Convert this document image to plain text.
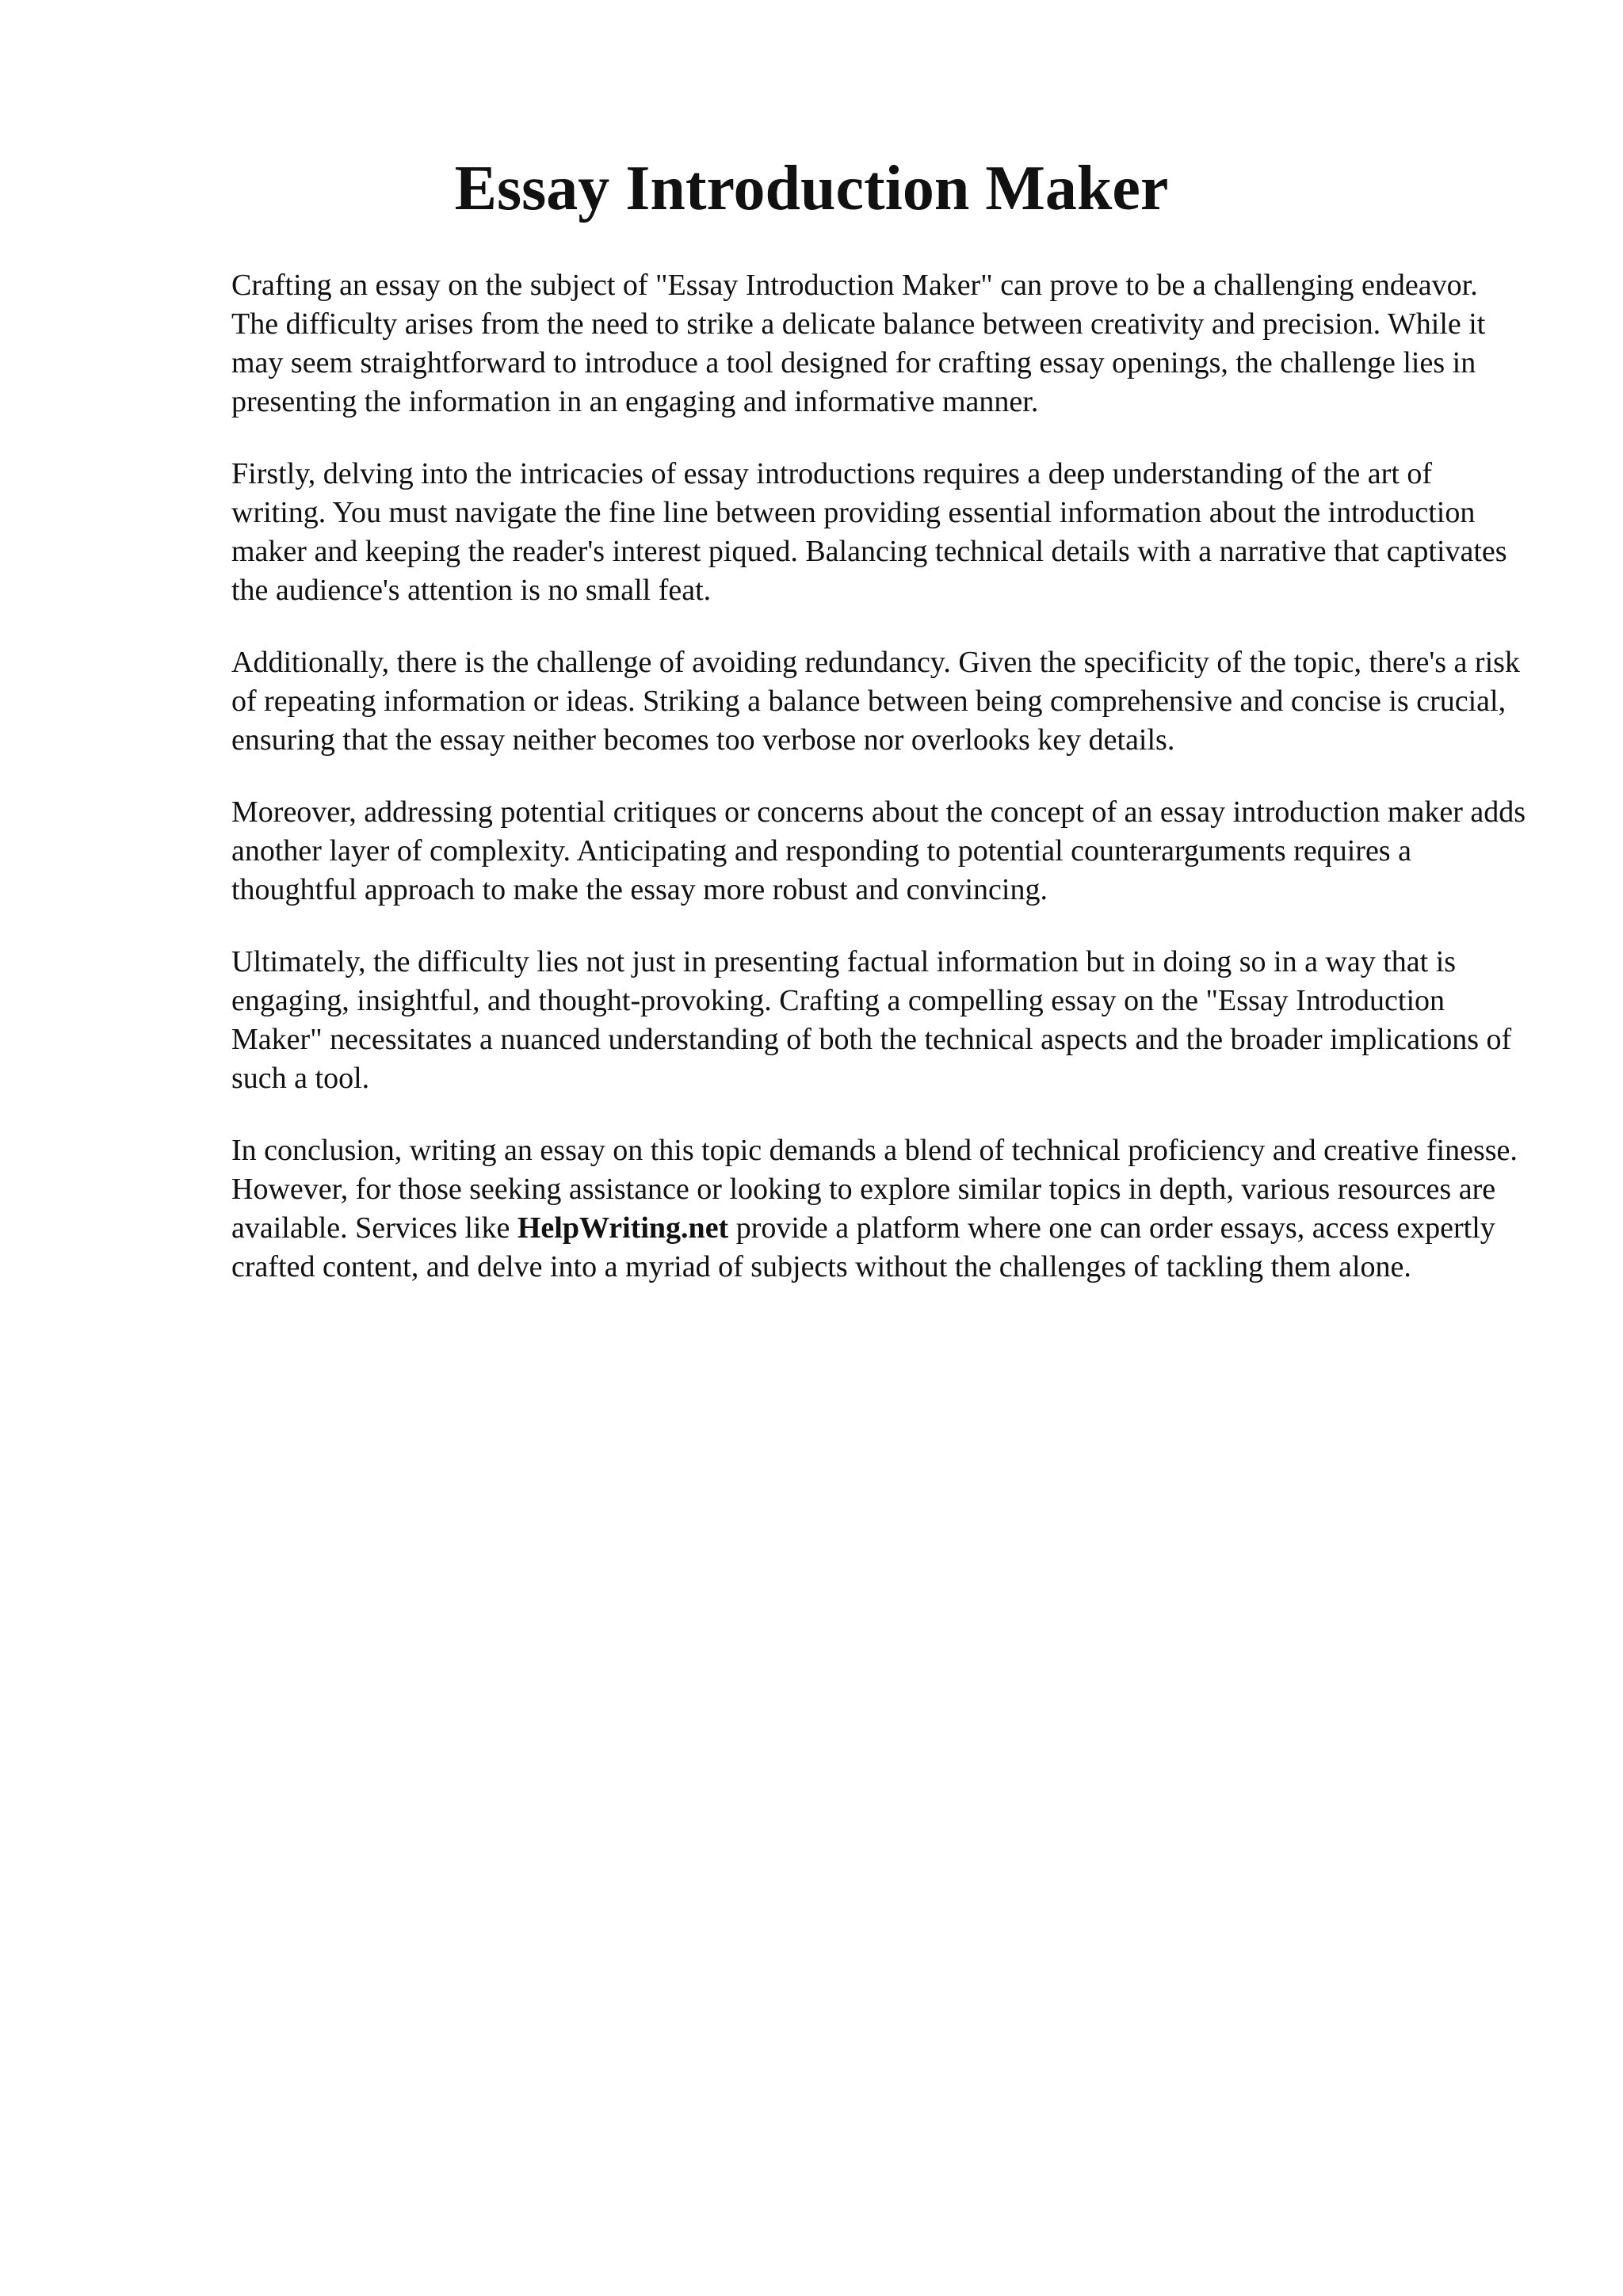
Essay Introduction Maker

Crafting an essay on the subject of "Essay Introduction Maker" can prove to be a challenging endeavor. The difficulty arises from the need to strike a delicate balance between creativity and precision. While it may seem straightforward to introduce a tool designed for crafting essay openings, the challenge lies in presenting the information in an engaging and informative manner.

Firstly, delving into the intricacies of essay introductions requires a deep understanding of the art of writing. You must navigate the fine line between providing essential information about the introduction maker and keeping the reader's interest piqued. Balancing technical details with a narrative that captivates the audience's attention is no small feat.

Additionally, there is the challenge of avoiding redundancy. Given the specificity of the topic, there's a risk of repeating information or ideas. Striking a balance between being comprehensive and concise is crucial, ensuring that the essay neither becomes too verbose nor overlooks key details.

Moreover, addressing potential critiques or concerns about the concept of an essay introduction maker adds another layer of complexity. Anticipating and responding to potential counterarguments requires a thoughtful approach to make the essay more robust and convincing.

Ultimately, the difficulty lies not just in presenting factual information but in doing so in a way that is engaging, insightful, and thought-provoking. Crafting a compelling essay on the "Essay Introduction Maker" necessitates a nuanced understanding of both the technical aspects and the broader implications of such a tool.

In conclusion, writing an essay on this topic demands a blend of technical proficiency and creative finesse. However, for those seeking assistance or looking to explore similar topics in depth, various resources are available. Services like HelpWriting.net provide a platform where one can order essays, access expertly crafted content, and delve into a myriad of subjects without the challenges of tackling them alone.
